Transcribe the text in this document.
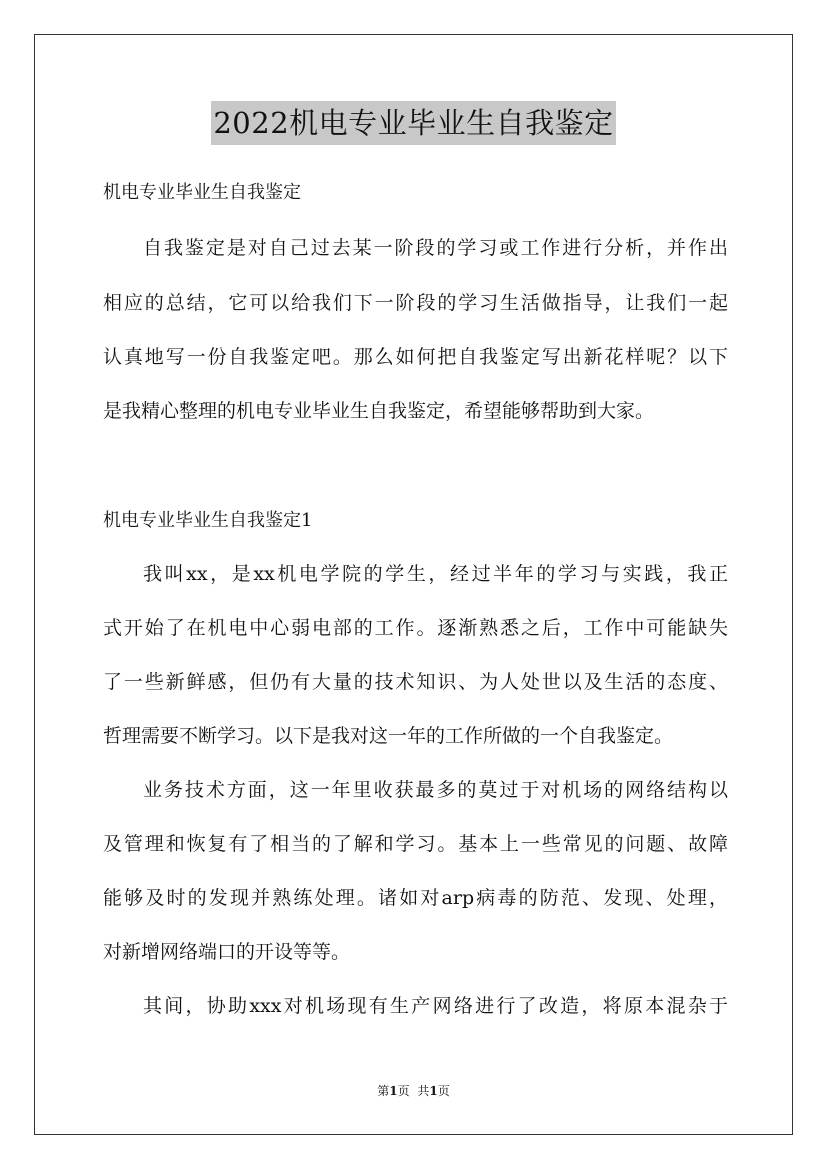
2022机电专业毕业生自我鉴定
机电专业毕业生自我鉴定
自我鉴定是对自己过去某一阶段的学习或工作进行分析，并作出
相应的总结，它可以给我们下一阶段的学习生活做指导，让我们一起
认真地写一份自我鉴定吧。那么如何把自我鉴定写出新花样呢？以下
是我精心整理的机电专业毕业生自我鉴定，希望能够帮助到大家。
机电专业毕业生自我鉴定1
我叫xx，是xx机电学院的学生，经过半年的学习与实践，我正
式开始了在机电中心弱电部的工作。逐渐熟悉之后，工作中可能缺失
了一些新鲜感，但仍有大量的技术知识、为人处世以及生活的态度、
哲理需要不断学习。以下是我对这一年的工作所做的一个自我鉴定。
业务技术方面，这一年里收获最多的莫过于对机场的网络结构以
及管理和恢复有了相当的了解和学习。基本上一些常见的问题、故障
能够及时的发现并熟练处理。诸如对arp病毒的防范、发现、处理，
对新增网络端口的开设等等。
其间，协助xxx对机场现有生产网络进行了改造，将原本混杂于
第1页 共1页
